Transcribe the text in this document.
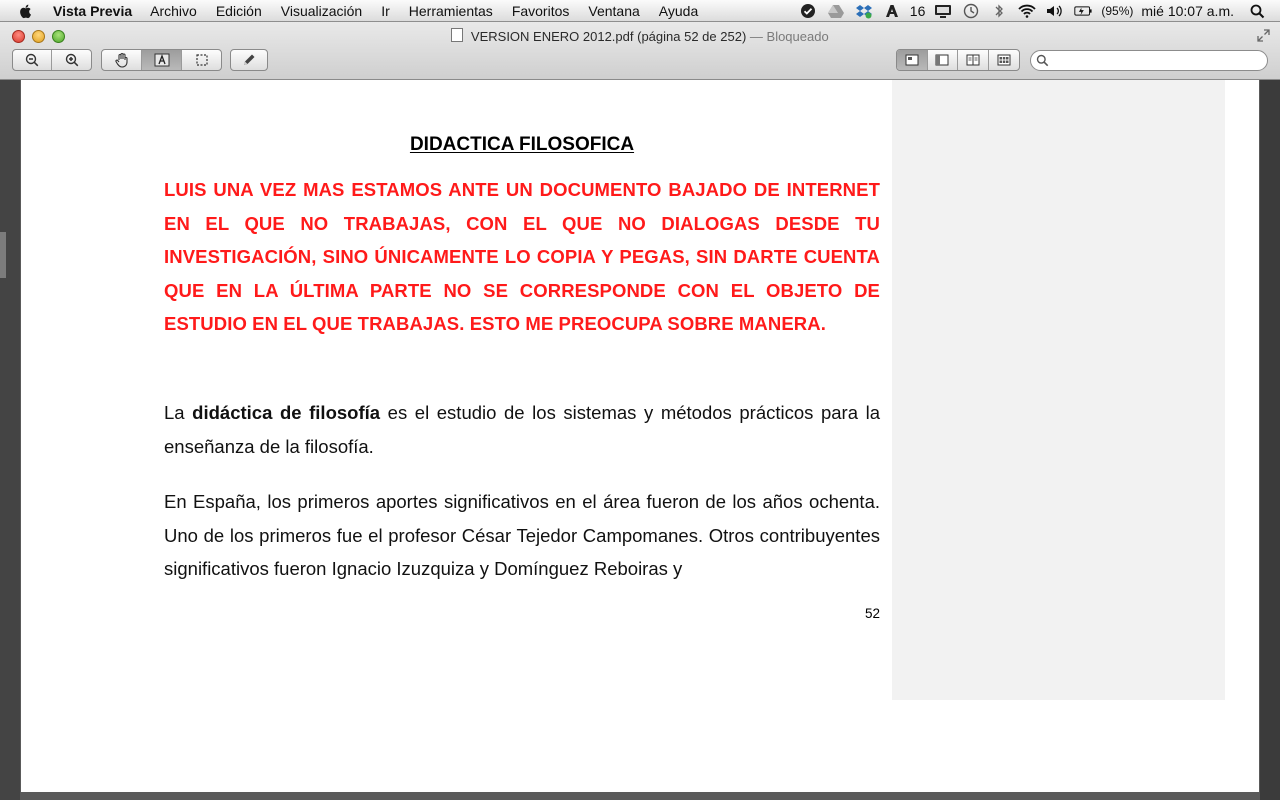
Vista Previa Archivo Edición Visualización Ir Herramientas Favoritos Ventana Ayuda	16	(95%) mié 10:07 a.m.
VERSION ENERO 2012.pdf (página 52 de 252) — Bloqueado
DIDACTICA FILOSOFICA

LUIS UNA VEZ MAS ESTAMOS ANTE UN DOCUMENTO BAJADO DE INTERNET EN EL QUE NO TRABAJAS, CON EL QUE NO DIALOGAS DESDE TU INVESTIGACIÓN, SINO ÚNICAMENTE LO COPIA Y PEGAS, SIN DARTE CUENTA QUE EN LA ÚLTIMA PARTE NO SE CORRESPONDE CON EL OBJETO DE ESTUDIO EN EL QUE TRABAJAS. ESTO ME PREOCUPA SOBRE MANERA.

La didáctica de filosofía es el estudio de los sistemas y métodos prácticos para la enseñanza de la filosofía.

En España, los primeros aportes significativos en el área fueron de los años ochenta. Uno de los primeros fue el profesor César Tejedor Campomanes. Otros contribuyentes significativos fueron Ignacio Izuzquiza y Domínguez Reboiras y

52
